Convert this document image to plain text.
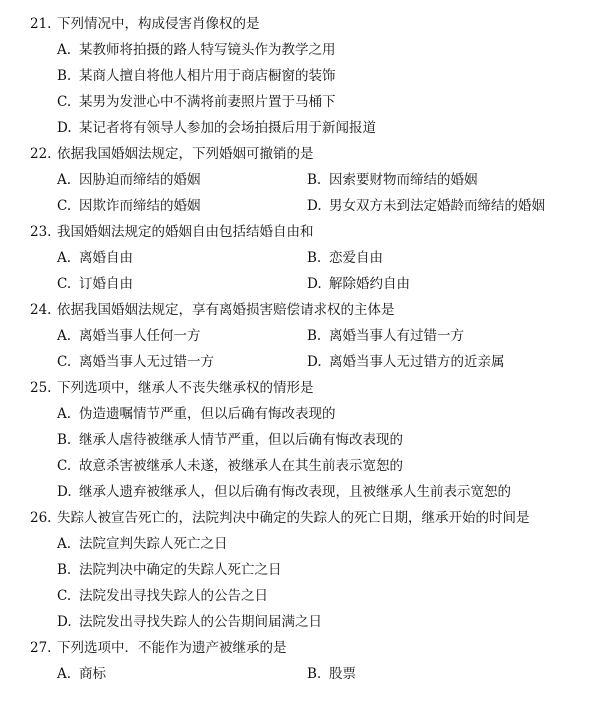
21. 下列情况中，构成侵害肖像权的是
A. 某教师将拍摄的路人特写镜头作为教学之用
B. 某商人擅自将他人相片用于商店橱窗的装饰
C. 某男为发泄心中不满将前妻照片置于马桶下
D. 某记者将有领导人参加的会场拍摄后用于新闻报道
22. 依据我国婚姻法规定，下列婚姻可撤销的是
A. 因胁迫而缔结的婚姻	B. 因索要财物而缔结的婚姻
C. 因欺诈而缔结的婚姻	D. 男女双方未到法定婚龄而缔结的婚姻
23. 我国婚姻法规定的婚姻自由包括结婚自由和
A. 离婚自由	B. 恋爱自由
C. 订婚自由	D. 解除婚约自由
24. 依据我国婚姻法规定，享有离婚损害赔偿请求权的主体是
A. 离婚当事人任何一方	B. 离婚当事人有过错一方
C. 离婚当事人无过错一方	D. 离婚当事人无过错方的近亲属
25. 下列选项中，继承人不丧失继承权的情形是
A. 伪造遗嘱情节严重，但以后确有悔改表现的
B. 继承人虐待被继承人情节严重，但以后确有悔改表现的
C. 故意杀害被继承人未遂，被继承人在其生前表示宽恕的
D. 继承人遗弃被继承人，但以后确有悔改表现，且被继承人生前表示宽恕的
26. 失踪人被宣告死亡的，法院判决中确定的失踪人的死亡日期，继承开始的时间是
A. 法院宣判失踪人死亡之日
B. 法院判决中确定的失踪人死亡之日
C. 法院发出寻找失踪人的公告之日
D. 法院发出寻找失踪人的公告期间届满之日
27. 下列选项中．不能作为遗产被继承的是
A. 商标	B. 股票
